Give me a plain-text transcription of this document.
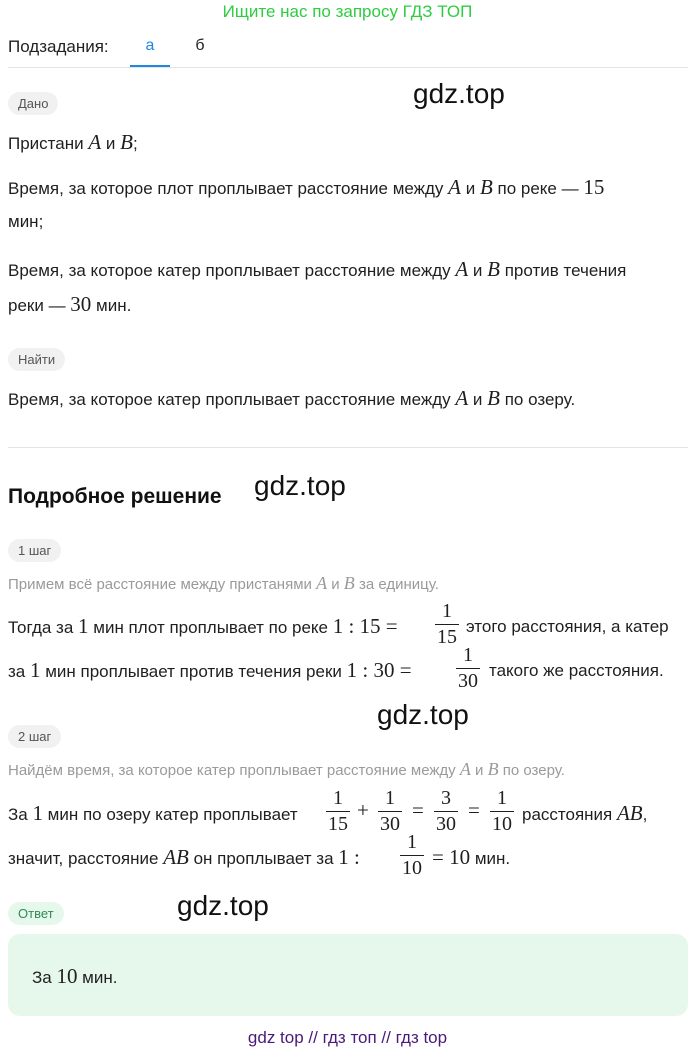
Ищите нас по запросу ГДЗ ТОП
Подзадания:	а	б
Дано	gdz.top
Пристани A и B;
Время, за которое плот проплывает расстояние между A и B по реке — 15
мин;
Время, за которое катер проплывает расстояние между A и B против течения
реки — 30 мин.
Найти
Время, за которое катер проплывает расстояние между A и B по озеру.
Подробное решение gdz.top
1 шаг
Примем всё расстояние между пристанями A и B за единицу.
Тогда за 1 мин плот проплывает по реке 1 : 15 =
1
15 этого расстояния, а катер
за 1 мин проплывает против течения реки 1 : 30 =
1
30 такого же расстояния.
gdz.top
2 шаг
Найдём время, за которое катер проплывает расстояние между A и B по озеру.
За 1 мин по озеру катер проплывает
1
15
+ 1
30
= 3
30
= 1
10 расстояния AB,
значит, расстояние AB он проплывает за 1 :
1
10 = 10 мин.
Ответ	gdz.top
За 10 мин.
gdz top // гдз топ // гдз top
